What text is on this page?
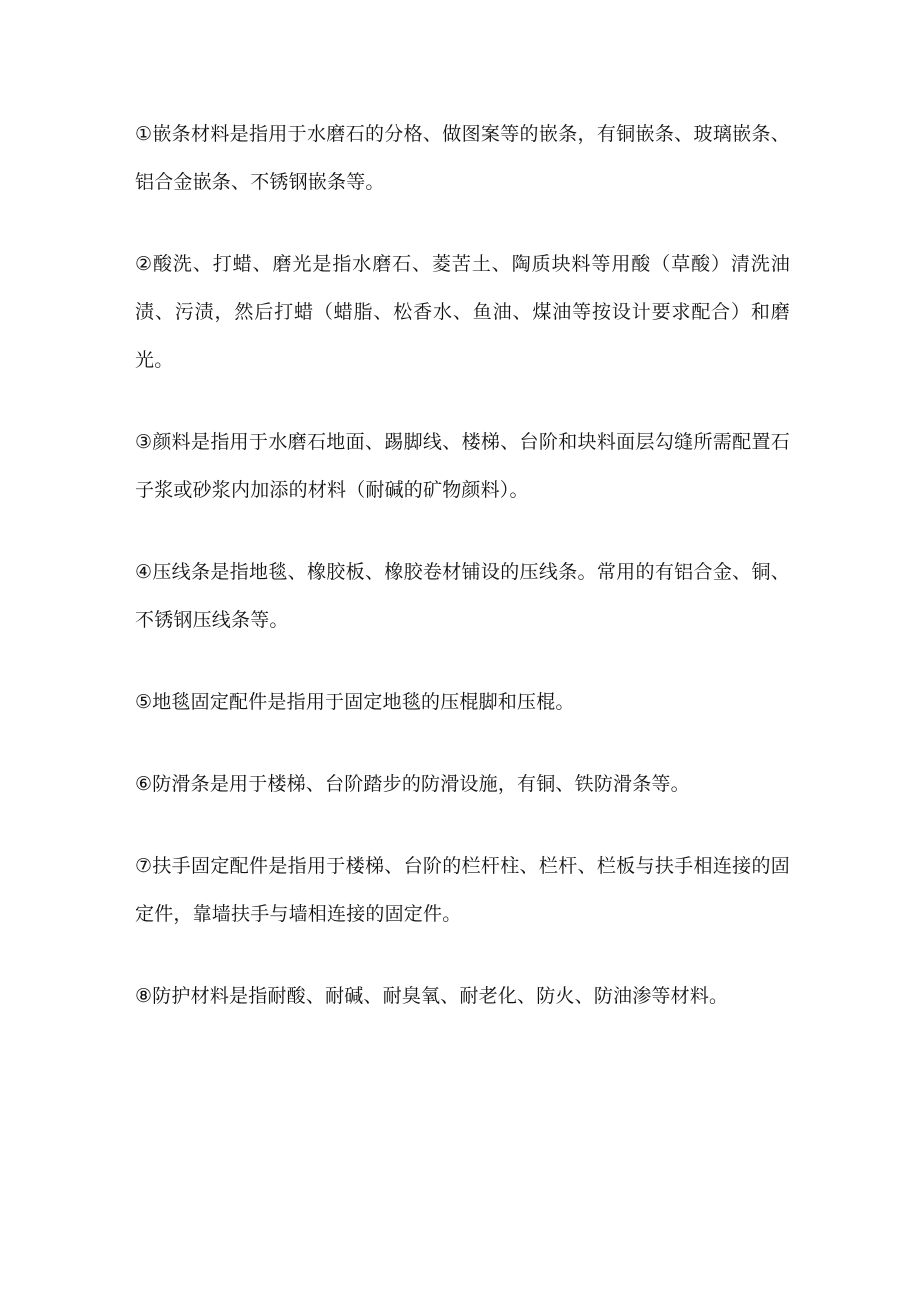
①嵌条材料是指用于水磨石的分格、做图案等的嵌条，有铜嵌条、玻璃嵌条、铝合金嵌条、不锈钢嵌条等。

②酸洗、打蜡、磨光是指水磨石、菱苦土、陶质块料等用酸（草酸）清洗油渍、污渍，然后打蜡（蜡脂、松香水、鱼油、煤油等按设计要求配合）和磨光。

③颜料是指用于水磨石地面、踢脚线、楼梯、台阶和块料面层勾缝所需配置石子浆或砂浆内加添的材料（耐碱的矿物颜料）。

④压线条是指地毯、橡胶板、橡胶卷材铺设的压线条。常用的有铝合金、铜、不锈钢压线条等。

⑤地毯固定配件是指用于固定地毯的压棍脚和压棍。

⑥防滑条是用于楼梯、台阶踏步的防滑设施，有铜、铁防滑条等。

⑦扶手固定配件是指用于楼梯、台阶的栏杆柱、栏杆、栏板与扶手相连接的固定件，靠墙扶手与墙相连接的固定件。

⑧防护材料是指耐酸、耐碱、耐臭氧、耐老化、防火、防油渗等材料。
